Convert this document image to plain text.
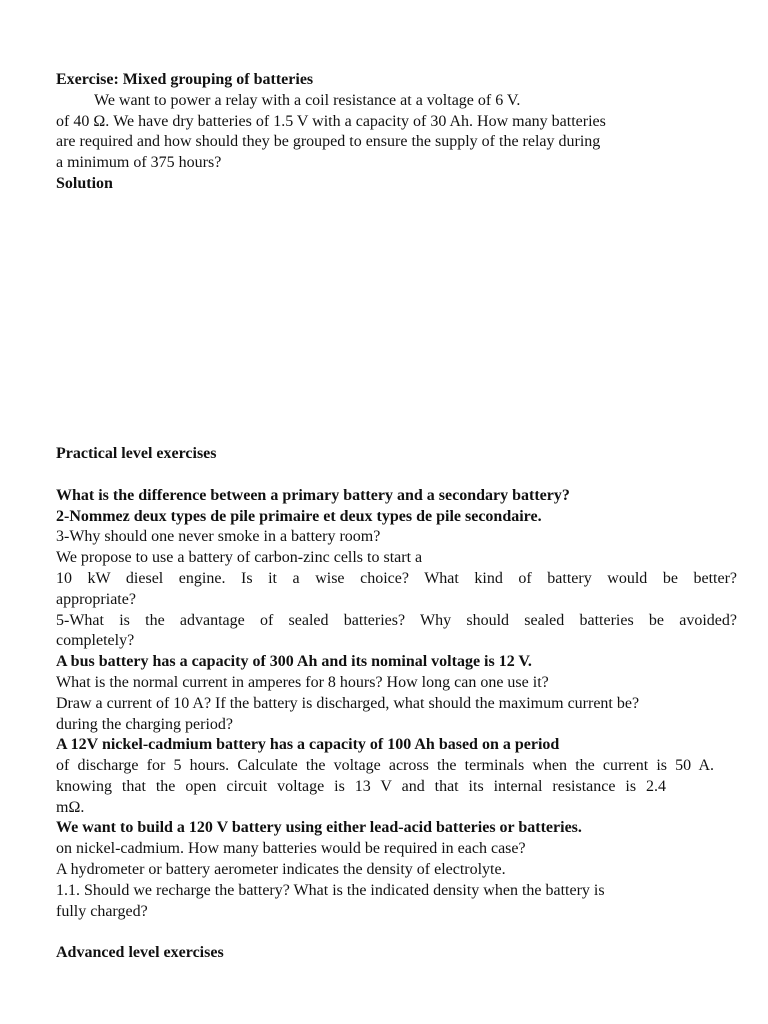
Exercise: Mixed grouping of batteries
We want to power a relay with a coil resistance at a voltage of 6 V.
of 40 Ω. We have dry batteries of 1.5 V with a capacity of 30 Ah. How many batteries
are required and how should they be grouped to ensure the supply of the relay during
a minimum of 375 hours?
Solution
Practical level exercises
What is the difference between a primary battery and a secondary battery?
2-Nommez deux types de pile primaire et deux types de pile secondaire.
3-Why should one never smoke in a battery room?
We propose to use a battery of carbon-zinc cells to start a
10 kW diesel engine. Is it a wise choice? What kind of battery would be better?
appropriate?
5-What is the advantage of sealed batteries? Why should sealed batteries be avoided?
completely?
A bus battery has a capacity of 300 Ah and its nominal voltage is 12 V.
What is the normal current in amperes for 8 hours? How long can one use it?
Draw a current of 10 A? If the battery is discharged, what should the maximum current be?
during the charging period?
A 12V nickel-cadmium battery has a capacity of 100 Ah based on a period
of discharge for 5 hours. Calculate the voltage across the terminals when the current is 50 A.
knowing that the open circuit voltage is 13 V and that its internal resistance is 2.4
mΩ.
We want to build a 120 V battery using either lead-acid batteries or batteries.
on nickel-cadmium. How many batteries would be required in each case?
A hydrometer or battery aerometer indicates the density of electrolyte.
1.1. Should we recharge the battery? What is the indicated density when the battery is
fully charged?
Advanced level exercises
